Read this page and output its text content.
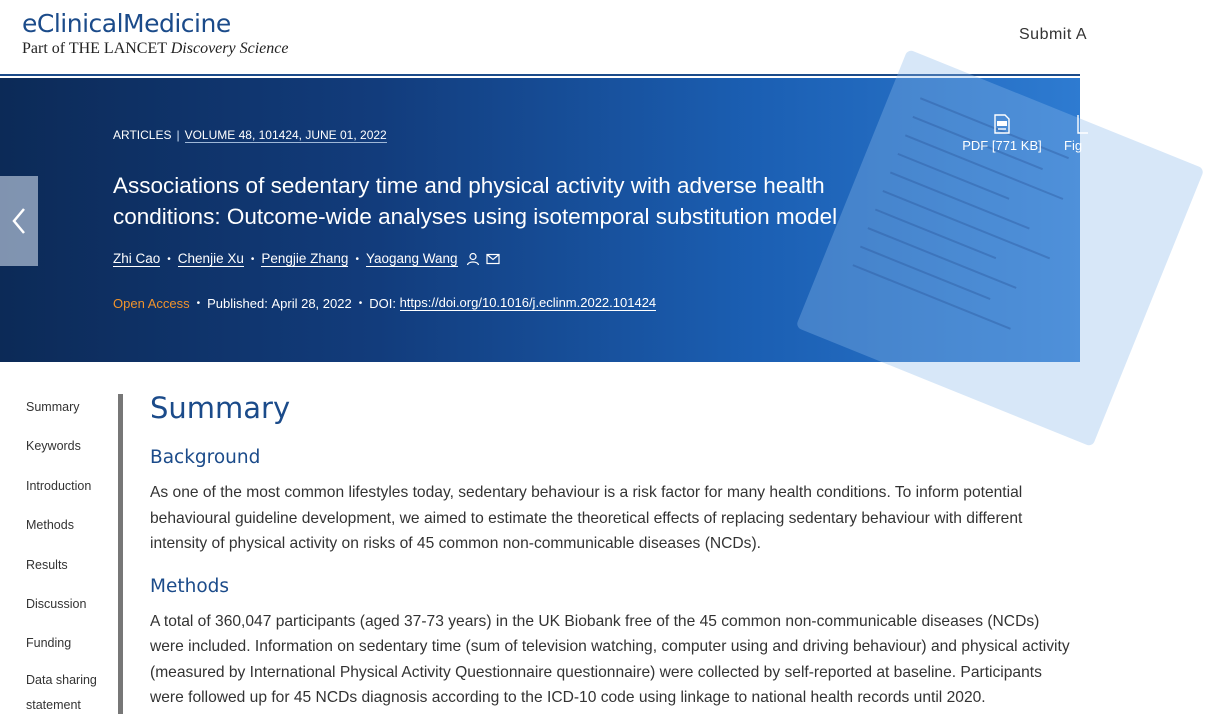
eClinicalMedicine
Part of THE LANCET Discovery Science
Submit A
ARTICLES | VOLUME 48, 101424, JUNE 01, 2022
Associations of sedentary time and physical activity with adverse health conditions: Outcome-wide analyses using isotemporal substitution model
Zhi Cao • Chenjie Xu • Pengjie Zhang • Yaogang Wang
Open Access • Published:
April 28, 2022 • DOI:
https://doi.org/10.1016/j.eclinm.2022.101424
PDF [771 KB] Fig
Summary
Keywords
Introduction
Methods
Results
Discussion
Funding
Data sharing statement
Summary
Background

As one of the most common lifestyles today, sedentary behaviour is a risk factor for many health conditions. To inform potential behavioural guideline development, we aimed to estimate the theoretical effects of replacing sedentary behaviour with different intensity of physical activity on risks of 45 common non-communicable diseases (NCDs).

Methods

A total of 360,047 participants (aged 37-73 years) in the UK Biobank free of the 45 common non-communicable diseases (NCDs) were included. Information on sedentary time (sum of television watching, computer using and driving behaviour) and physical activity (measured by International Physical Activity Questionnaire questionnaire) were collected by self-reported at baseline. Participants were followed up for 45 NCDs diagnosis according to the ICD-10 code using linkage to national health records until 2020.
